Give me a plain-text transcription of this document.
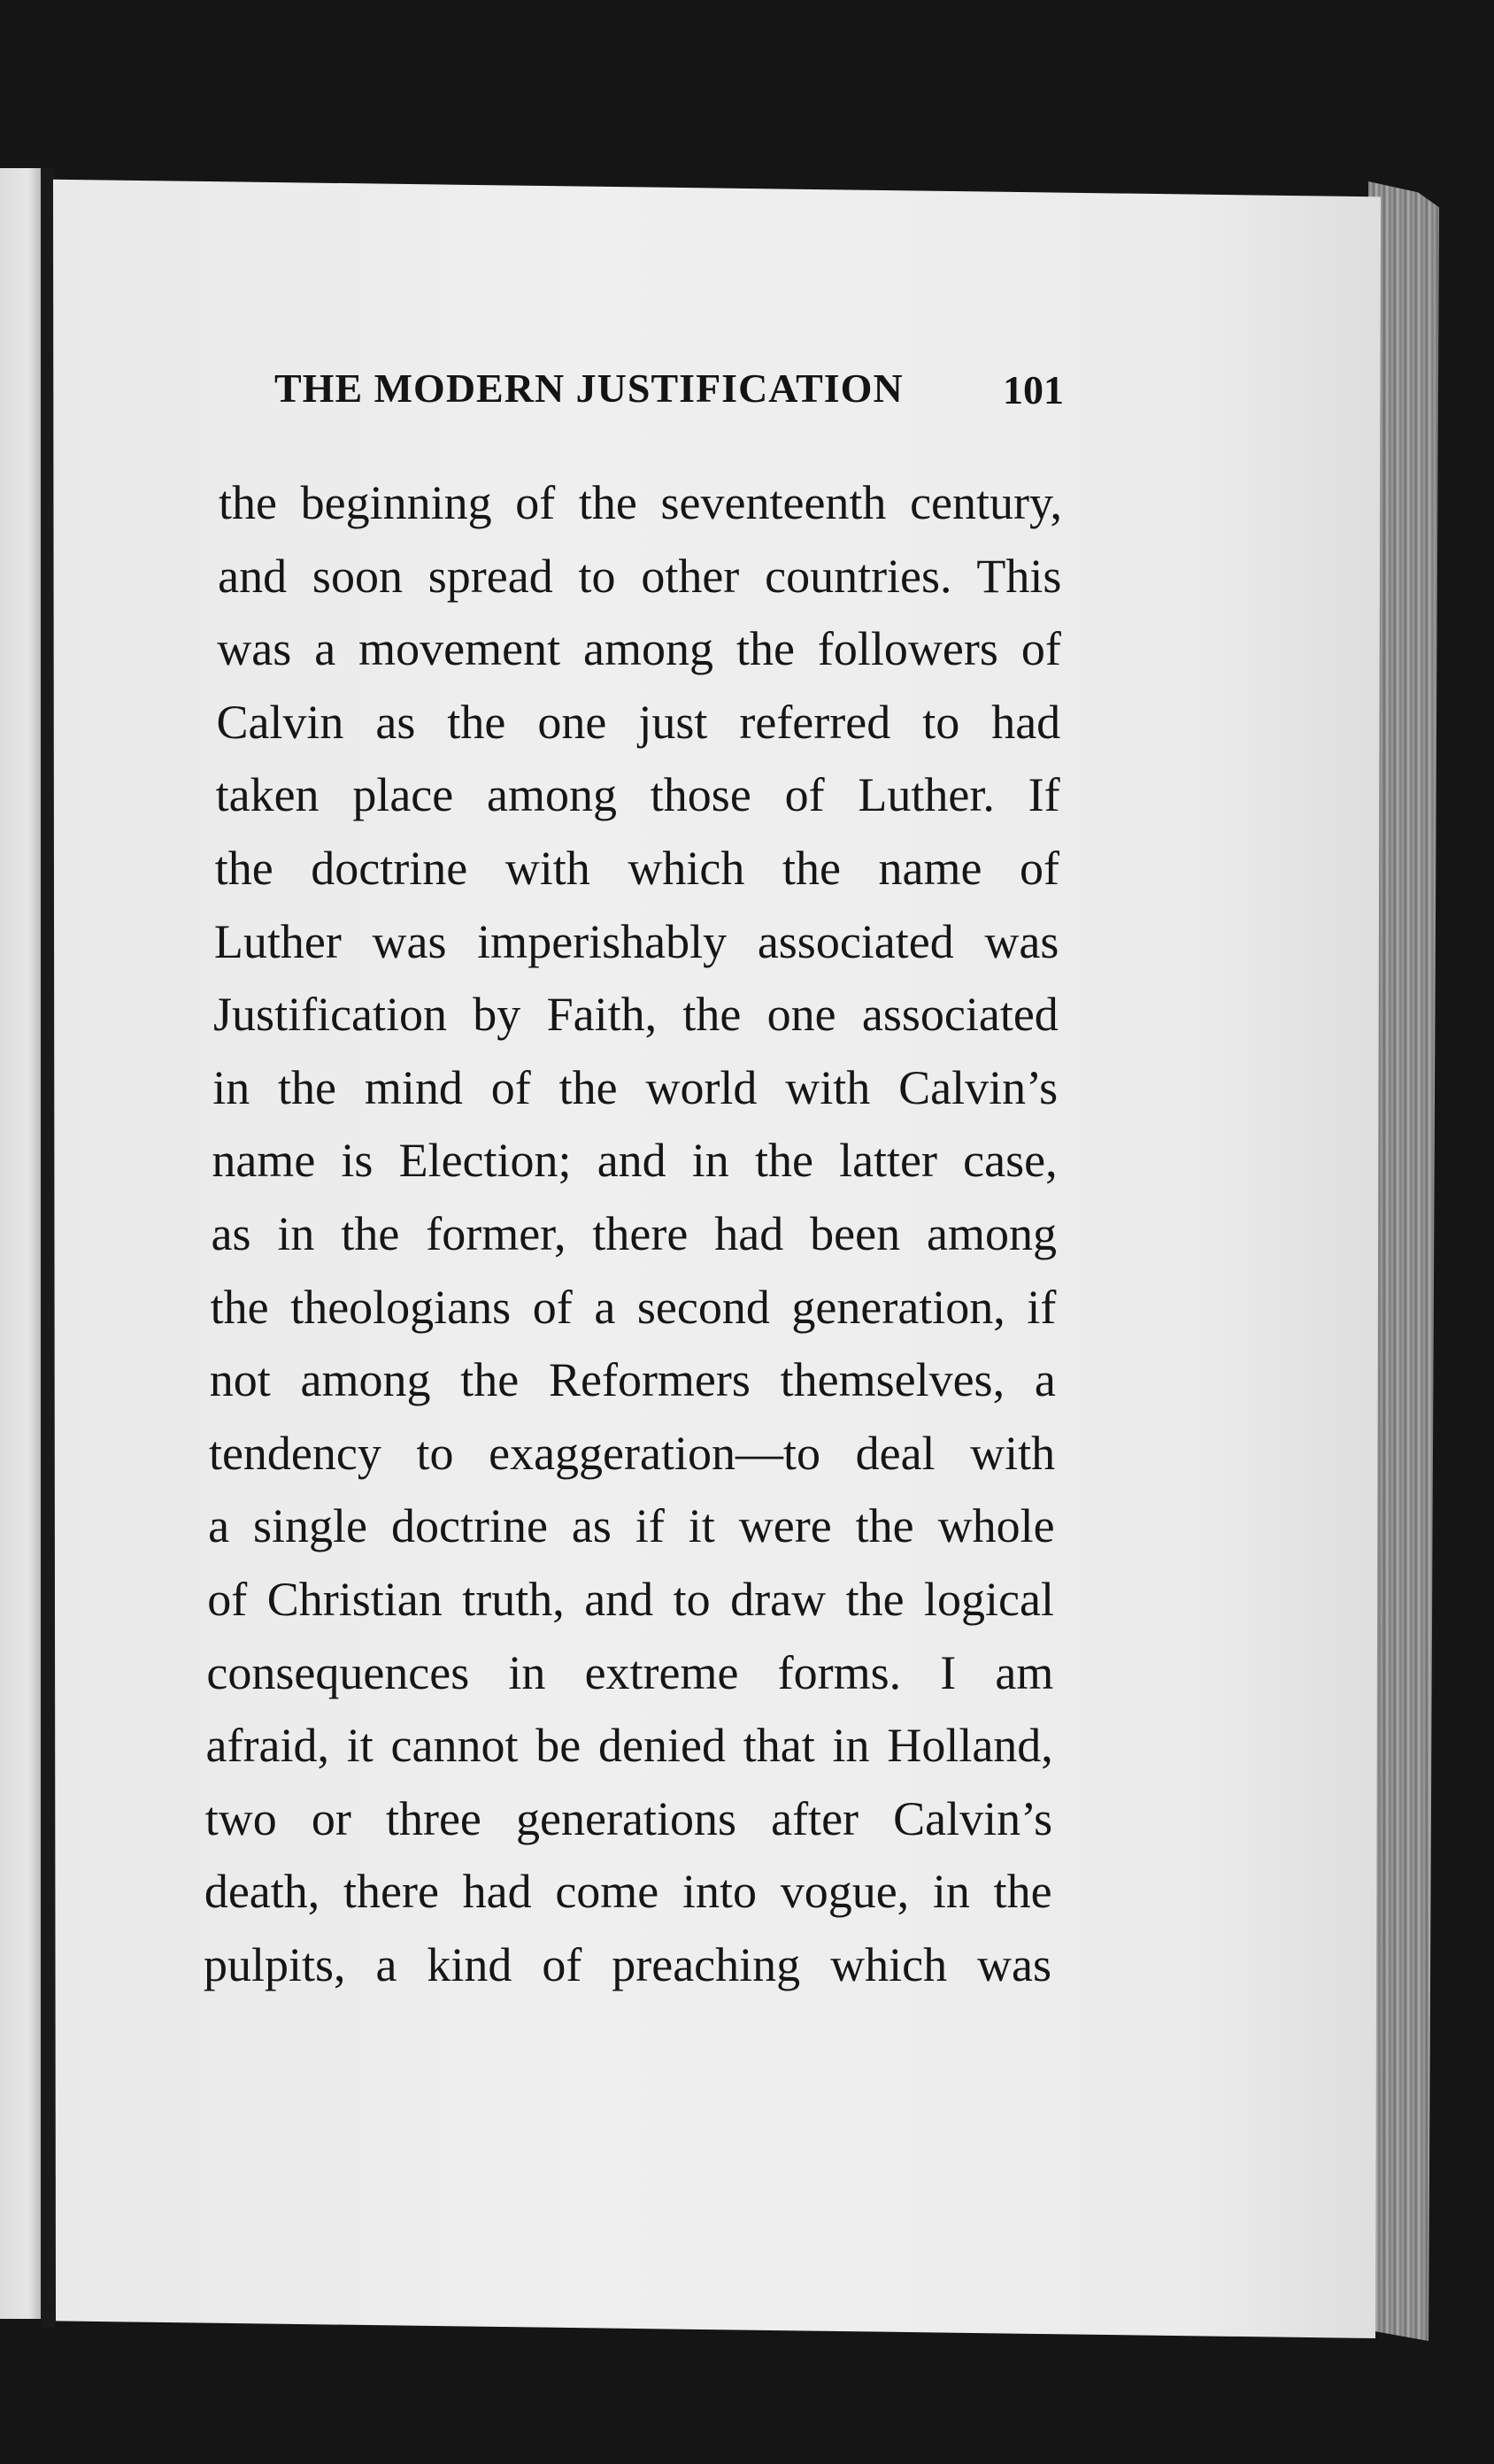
THE MODERN JUSTIFICATION	101
the beginning of the seventeenth century,
and soon spread to other countries. This
was a movement among the followers of
Calvin as the one just referred to had
taken place among those of Luther. If
the doctrine with which the name of
Luther was imperishably associated was
Justification by Faith, the one associated
in the mind of the world with Calvin’s
name is Election; and in the latter case,
as in the former, there had been among
the theologians of a second generation, if
not among the Reformers themselves, a
tendency to exaggeration—to deal with
a single doctrine as if it were the whole
of Christian truth, and to draw the logical
consequences in extreme forms. I am
afraid, it cannot be denied that in Holland,
two or three generations after Calvin’s
death, there had come into vogue, in the
pulpits, a kind of preaching which was
